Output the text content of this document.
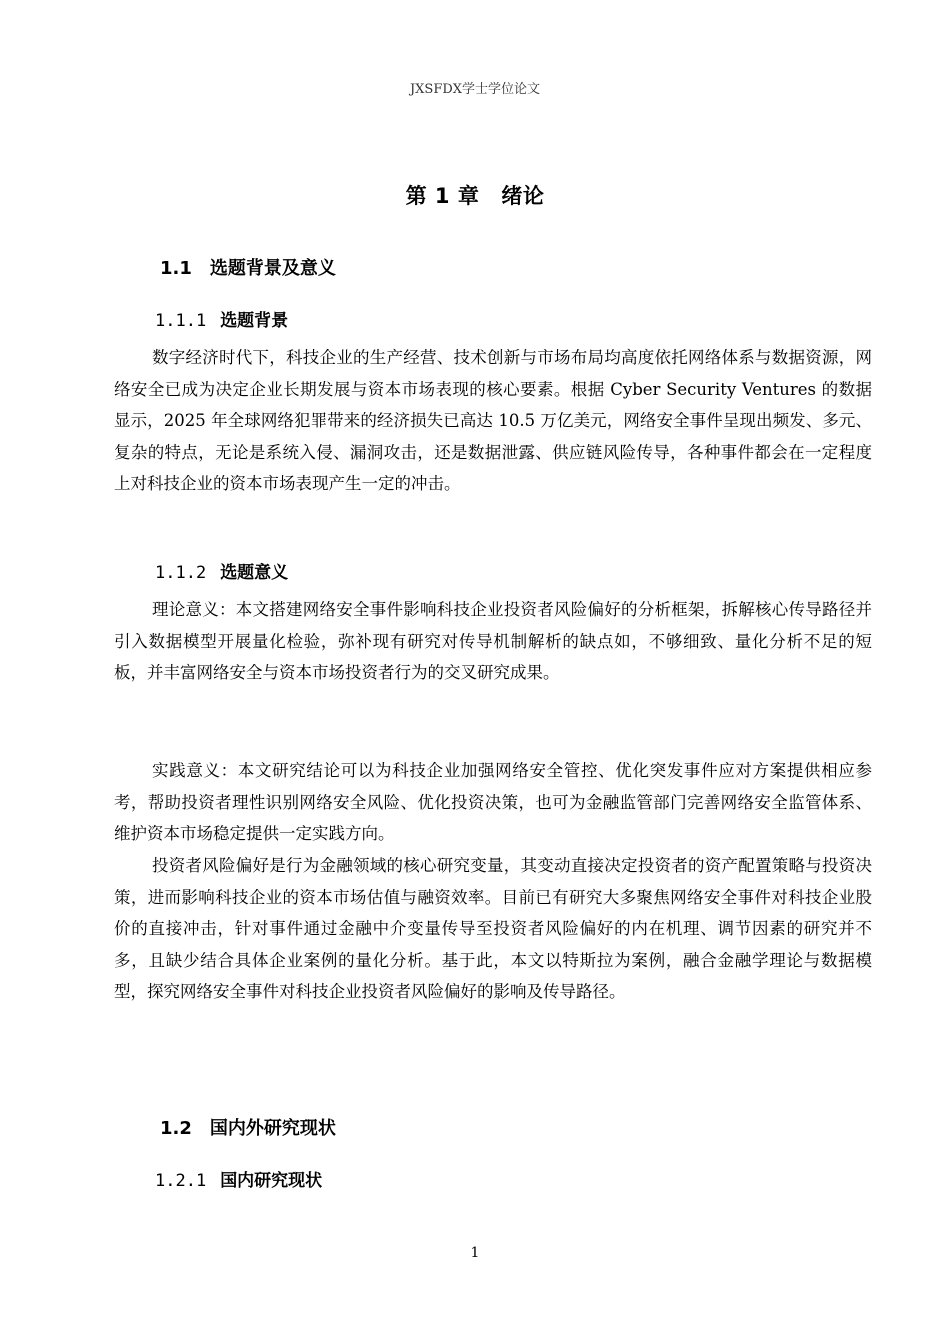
JXSFDX学士学位论文
第 1 章 绪论
1.1 选题背景及意义
1.1.1 选题背景

数字经济时代下，科技企业的生产经营、技术创新与市场布局均高度依托网络体系与数据资源，网络安全已成为决定企业长期发展与资本市场表现的核心要素。根据 Cyber Security Ventures 的数据显示，2025 年全球网络犯罪带来的经济损失已高达 10.5 万亿美元，网络安全事件呈现出频发、多元、复杂的特点，无论是系统入侵、漏洞攻击，还是数据泄露、供应链风险传导，各种事件都会在一定程度上对科技企业的资本市场表现产生一定的冲击。

1.1.2 选题意义

理论意义：本文搭建网络安全事件影响科技企业投资者风险偏好的分析框架，拆解核心传导路径并引入数据模型开展量化检验，弥补现有研究对传导机制解析的缺点如，不够细致、量化分析不足的短板，并丰富网络安全与资本市场投资者行为的交叉研究成果。

实践意义：本文研究结论可以为科技企业加强网络安全管控、优化突发事件应对方案提供相应参考，帮助投资者理性识别网络安全风险、优化投资决策，也可为金融监管部门完善网络安全监管体系、维护资本市场稳定提供一定实践方向。

投资者风险偏好是行为金融领域的核心研究变量，其变动直接决定投资者的资产配置策略与投资决策，进而影响科技企业的资本市场估值与融资效率。目前已有研究大多聚焦网络安全事件对科技企业股价的直接冲击，针对事件通过金融中介变量传导至投资者风险偏好的内在机理、调节因素的研究并不多，且缺少结合具体企业案例的量化分析。基于此，本文以特斯拉为案例，融合金融学理论与数据模型，探究网络安全事件对科技企业投资者风险偏好的影响及传导路径。

1.2 国内外研究现状
1.2.1 国内研究现状
1
